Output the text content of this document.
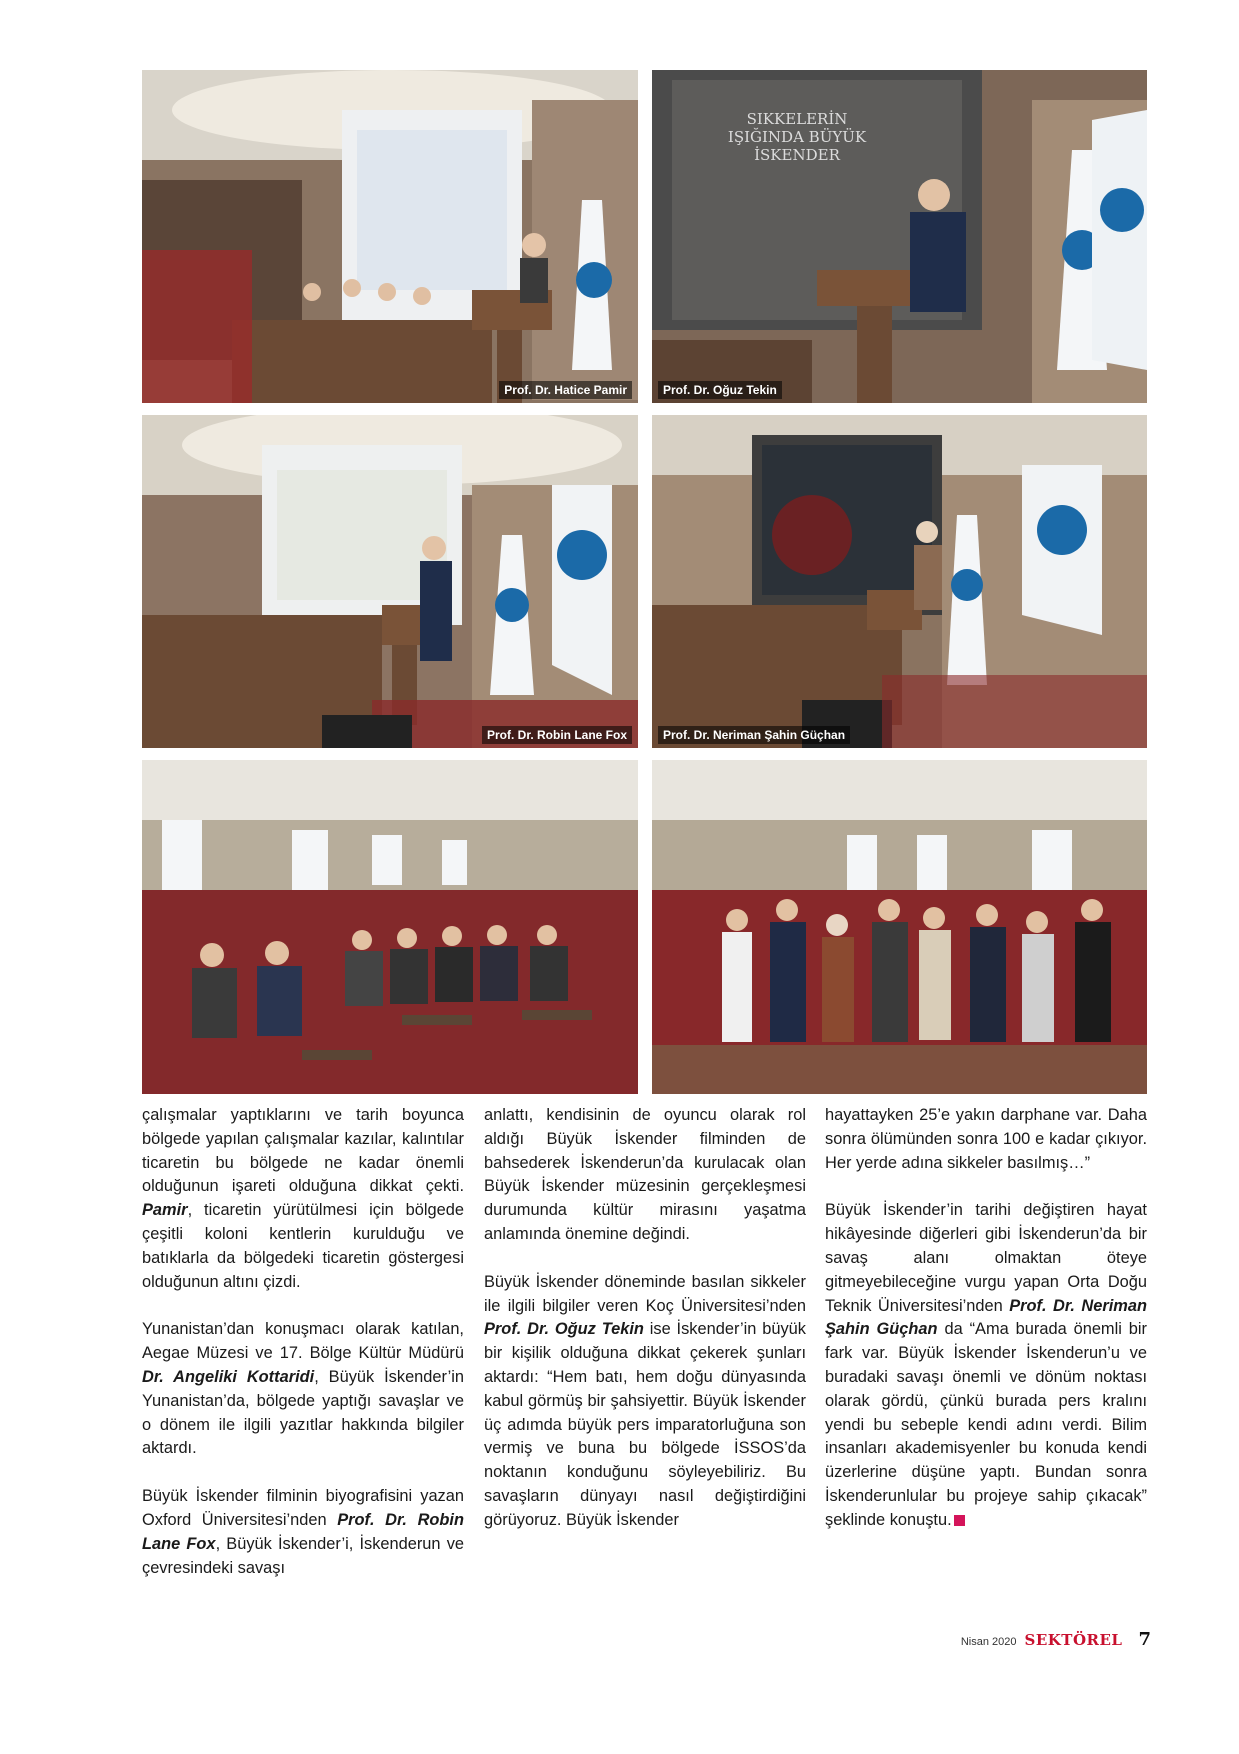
Prof. Dr. Hatice Pamir	Prof. Dr. Oğuz Tekin
SIKKELERİN IŞIĞINDA BÜYÜK İSKENDER
Prof. Dr. Robin Lane Fox	Prof. Dr. Neriman Şahin Güçhan

çalışmalar yaptıklarını ve tarih boyunca bölgede yapılan çalışmalar kazılar, kalıntılar ticaretin bu bölgede ne kadar önemli olduğunun işareti olduğuna dikkat çekti. Pamir, ticaretin yürütülmesi için bölgede çeşitli koloni kentlerin kurulduğu ve batıklarla da bölgedeki ticaretin göstergesi olduğunun altını çizdi.

Yunanistan’dan konuşmacı olarak katılan, Aegae Müzesi ve 17. Bölge Kültür Müdürü Dr. Angeliki Kottaridi, Büyük İskender’in Yunanistan’da, bölgede yaptığı savaşlar ve o dönem ile ilgili yazıtlar hakkında bilgiler aktardı.

Büyük İskender filminin biyografisini yazan Oxford Üniversitesi’nden Prof. Dr. Robin Lane Fox, Büyük İskender’i, İskenderun ve çevresindeki savaşı

anlattı, kendisinin de oyuncu olarak rol aldığı Büyük İskender filminden de bahsederek İskenderun’da kurulacak olan Büyük İskender müzesinin gerçekleşmesi durumunda kültür mirasını yaşatma anlamında önemine değindi.

Büyük İskender döneminde basılan sikkeler ile ilgili bilgiler veren Koç Üniversitesi’nden Prof. Dr. Oğuz Tekin ise İskender’in büyük bir kişilik olduğuna dikkat çekerek şunları aktardı: “Hem batı, hem doğu dünyasında kabul görmüş bir şahsiyettir. Büyük İskender üç adımda büyük pers imparatorluğuna son vermiş ve buna bu bölgede İSSOS’da noktanın konduğunu söyleyebiliriz. Bu savaşların dünyayı nasıl değiştirdiğini görüyoruz. Büyük İskender

hayattayken 25’e yakın darphane var. Daha sonra ölümünden sonra 100 e kadar çıkıyor. Her yerde adına sikkeler basılmış…”

Büyük İskender’in tarihi değiştiren hayat hikâyesinde diğerleri gibi İskenderun’da bir savaş alanı olmaktan öteye gitmeyebileceğine vurgu yapan Orta Doğu Teknik Üniversitesi’nden Prof. Dr. Neriman Şahin Güçhan da “Ama burada önemli bir fark var. Büyük İskender İskenderun’u ve buradaki savaşı önemli ve dönüm noktası olarak gördü, çünkü burada pers kralını yendi bu sebeple kendi adını verdi. Bilim insanları akademisyenler bu konuda kendi üzerlerine düşüne yaptı. Bundan sonra İskenderunlular bu projeye sahip çıkacak” şeklinde konuştu.

Nisan 2020 SEKTÖREL 7
